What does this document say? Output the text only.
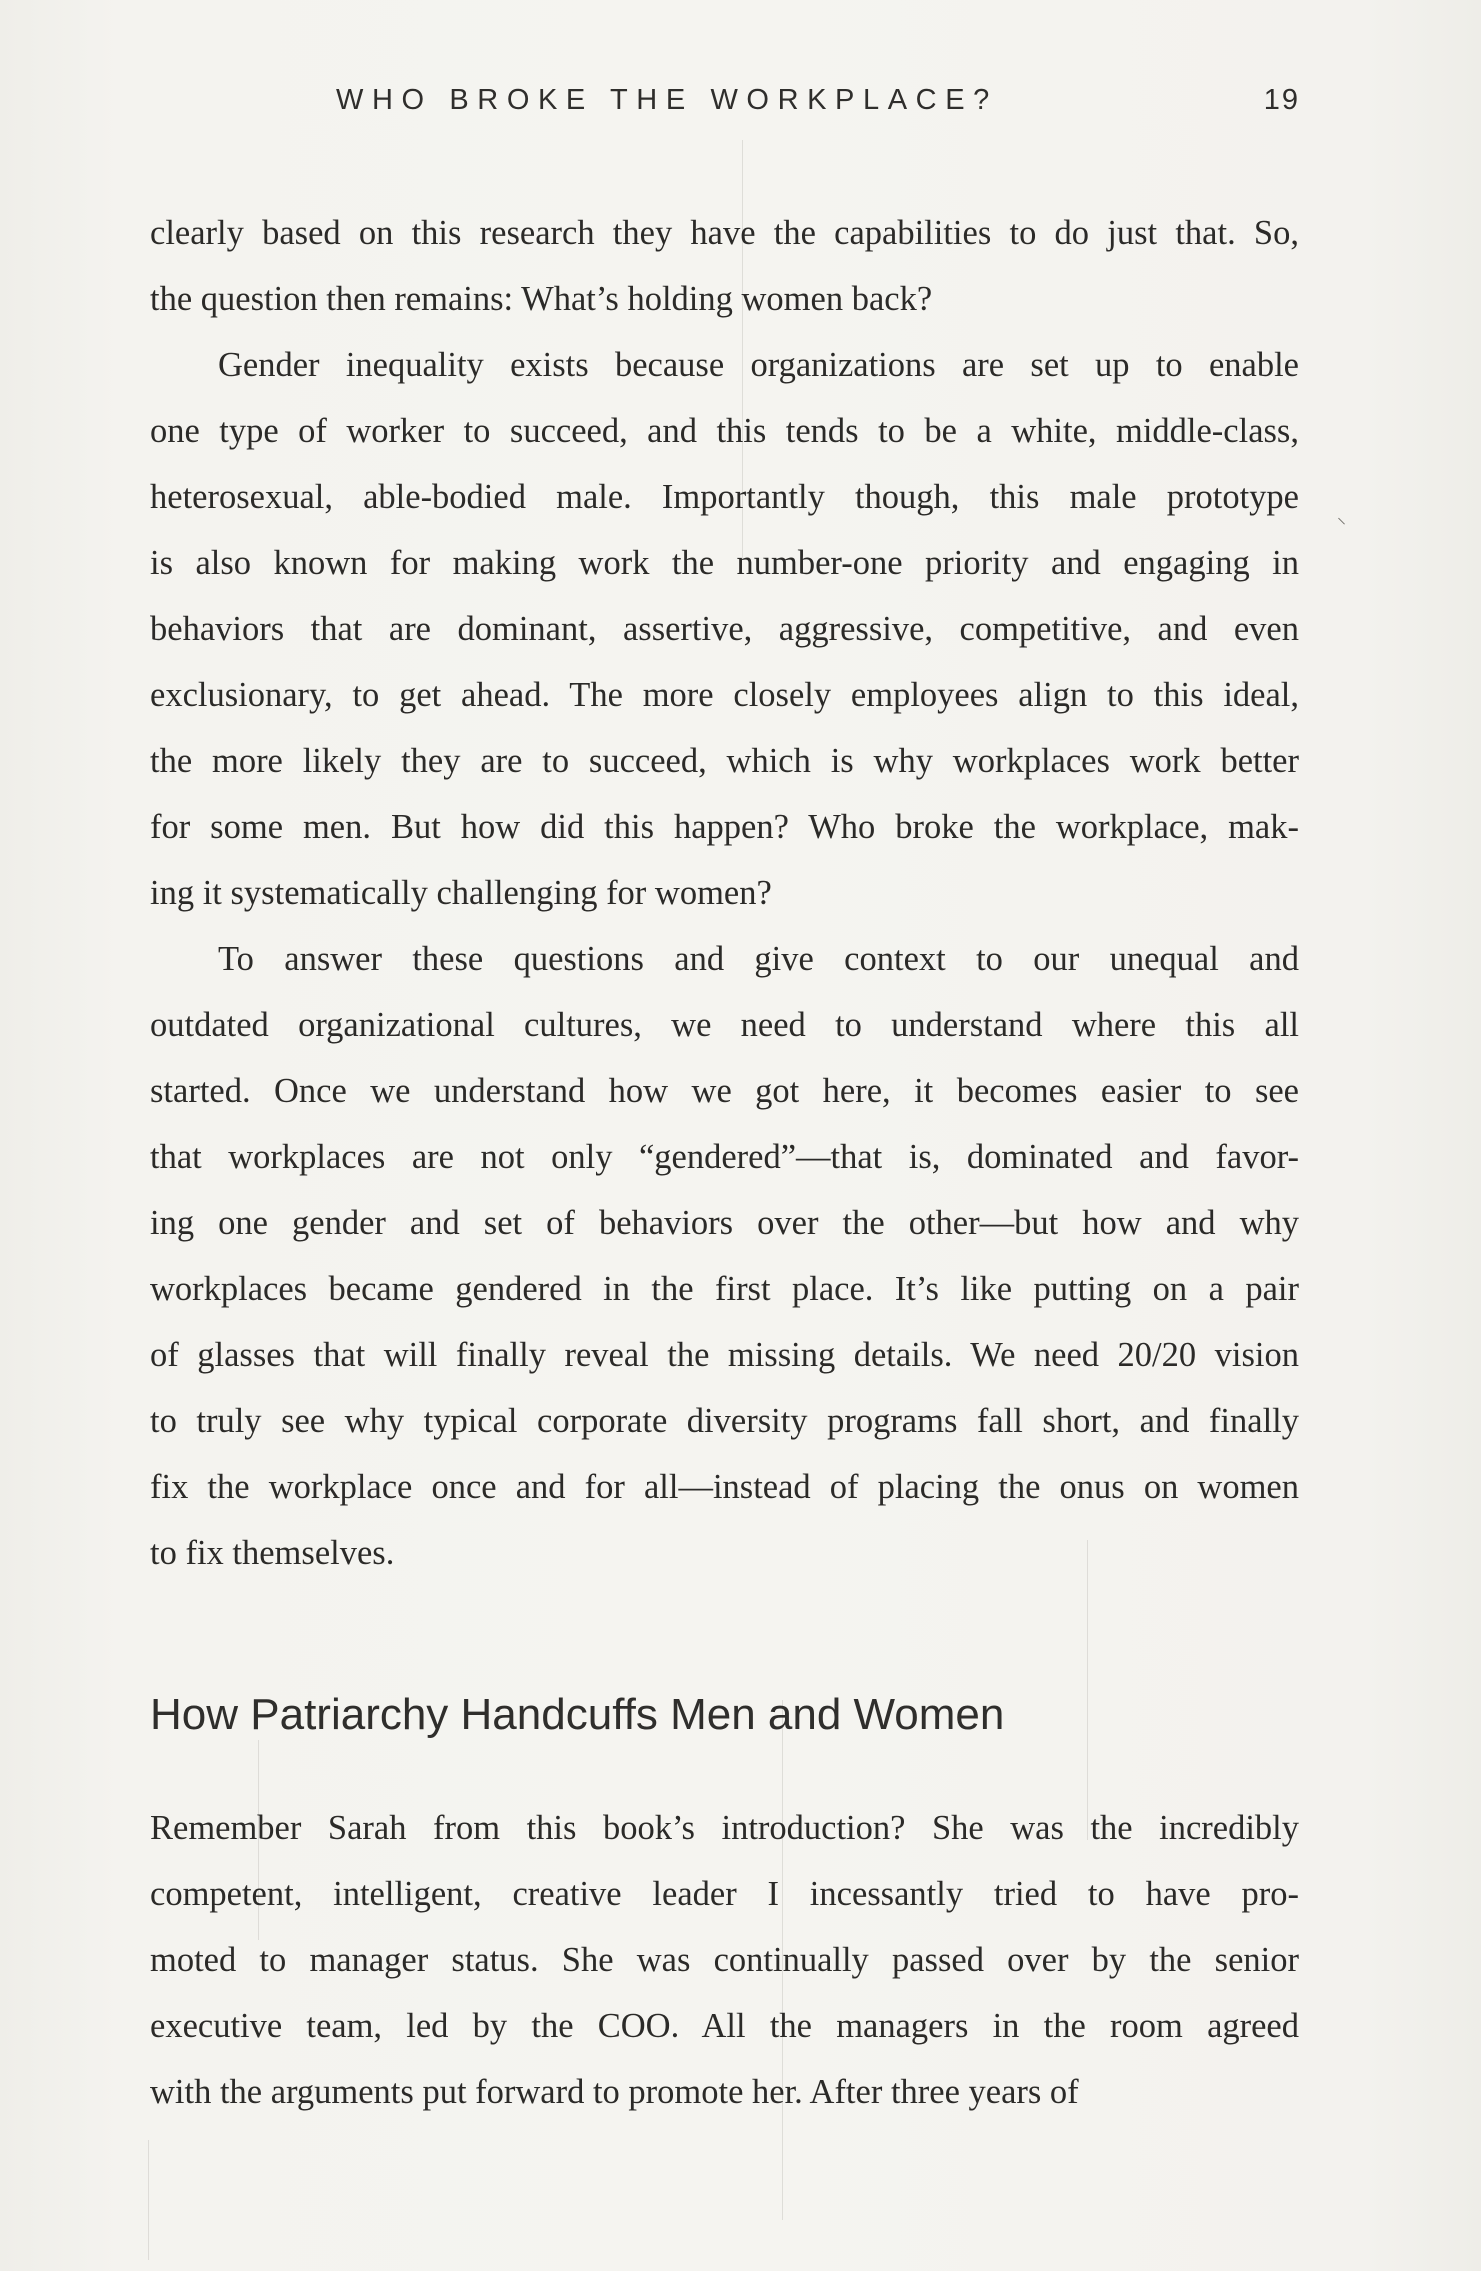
WHO BROKE THE WORKPLACE?	19
clearly based on this research they have the capabilities to do just that. So,
the question then remains: What’s holding women back?
Gender inequality exists because organizations are set up to enable
one type of worker to succeed, and this tends to be a white, middle-class,
heterosexual, able-bodied male. Importantly though, this male prototype
is also known for making work the number-one priority and engaging in
behaviors that are dominant, assertive, aggressive, competitive, and even
exclusionary, to get ahead. The more closely employees align to this ideal,
the more likely they are to succeed, which is why workplaces work better
for some men. But how did this happen? Who broke the workplace, mak-
ing it systematically challenging for women?
To answer these questions and give context to our unequal and
outdated organizational cultures, we need to understand where this all
started. Once we understand how we got here, it becomes easier to see
that workplaces are not only “gendered”—that is, dominated and favor-
ing one gender and set of behaviors over the other—but how and why
workplaces became gendered in the first place. It’s like putting on a pair
of glasses that will finally reveal the missing details. We need 20/20 vision
to truly see why typical corporate diversity programs fall short, and finally
fix the workplace once and for all—instead of placing the onus on women
to fix themselves.
How Patriarchy Handcuffs Men and Women
Remember Sarah from this book’s introduction? She was the incredibly
competent, intelligent, creative leader I incessantly tried to have pro-
moted to manager status. She was continually passed over by the senior
executive team, led by the COO. All the managers in the room agreed
with the arguments put forward to promote her. After three years of
⸜
